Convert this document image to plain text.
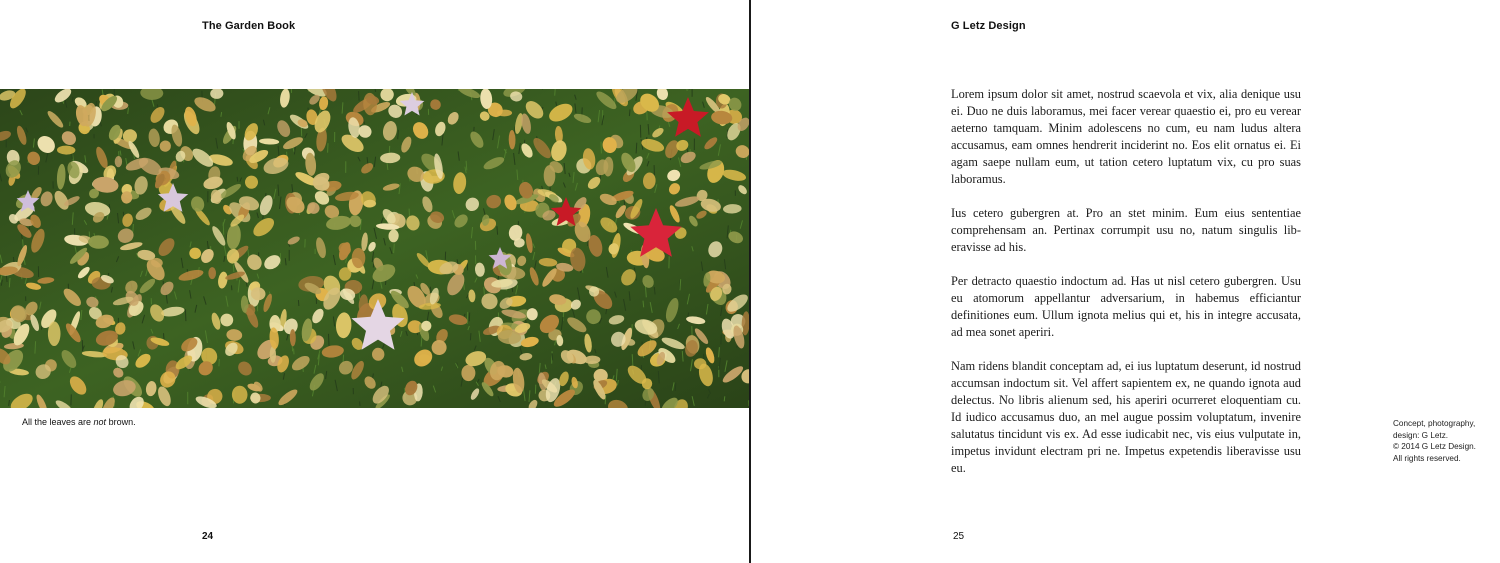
The Garden Book
All the leaves are not brown.
24
G Letz Design

Lorem ipsum dolor sit amet, nostrud scaevola et vix, alia denique usu ei. Duo ne duis laboramus, mei facer verear quaestio ei, pro eu verear aeterno tamquam. Minim adolescens no cum, eu nam ludus altera accusamus, eam omnes hendrerit inciderint no. Eos elit ornatus ei. Ei agam saepe nullam eum, ut tation cetero luptatum vix, cu pro suas laboramus.

Ius cetero gubergren at. Pro an stet minim. Eum eius sententiae comprehensam an. Pertinax corrumpit usu no, natum singulis liberavisse ad his.

Per detracto quaestio indoctum ad. Has ut nisl cetero gubergren. Usu eu atomorum appellantur adversarium, in habemus efficiantur definitiones eum. Ullum ignota melius qui et, his in integre accusata, ad mea sonet aperiri.

Nam ridens blandit conceptam ad, ei ius luptatum deserunt, id nostrud accumsan indoctum sit. Vel affert sapientem ex, ne quando ignota aud delectus. No libris alienum sed, his aperiri ocurreret eloquentiam cu. Id iudico accusamus duo, an mel augue possim voluptatum, invenire salutatus tincidunt vis ex. Ad esse iudicabit nec, vis eius vulputate in, impetus invidunt electram pri ne. Impetus expetendis liberavisse usu eu.

Concept, photography,
design: G Letz.
© 2014 G Letz Design.
All rights reserved.
25
